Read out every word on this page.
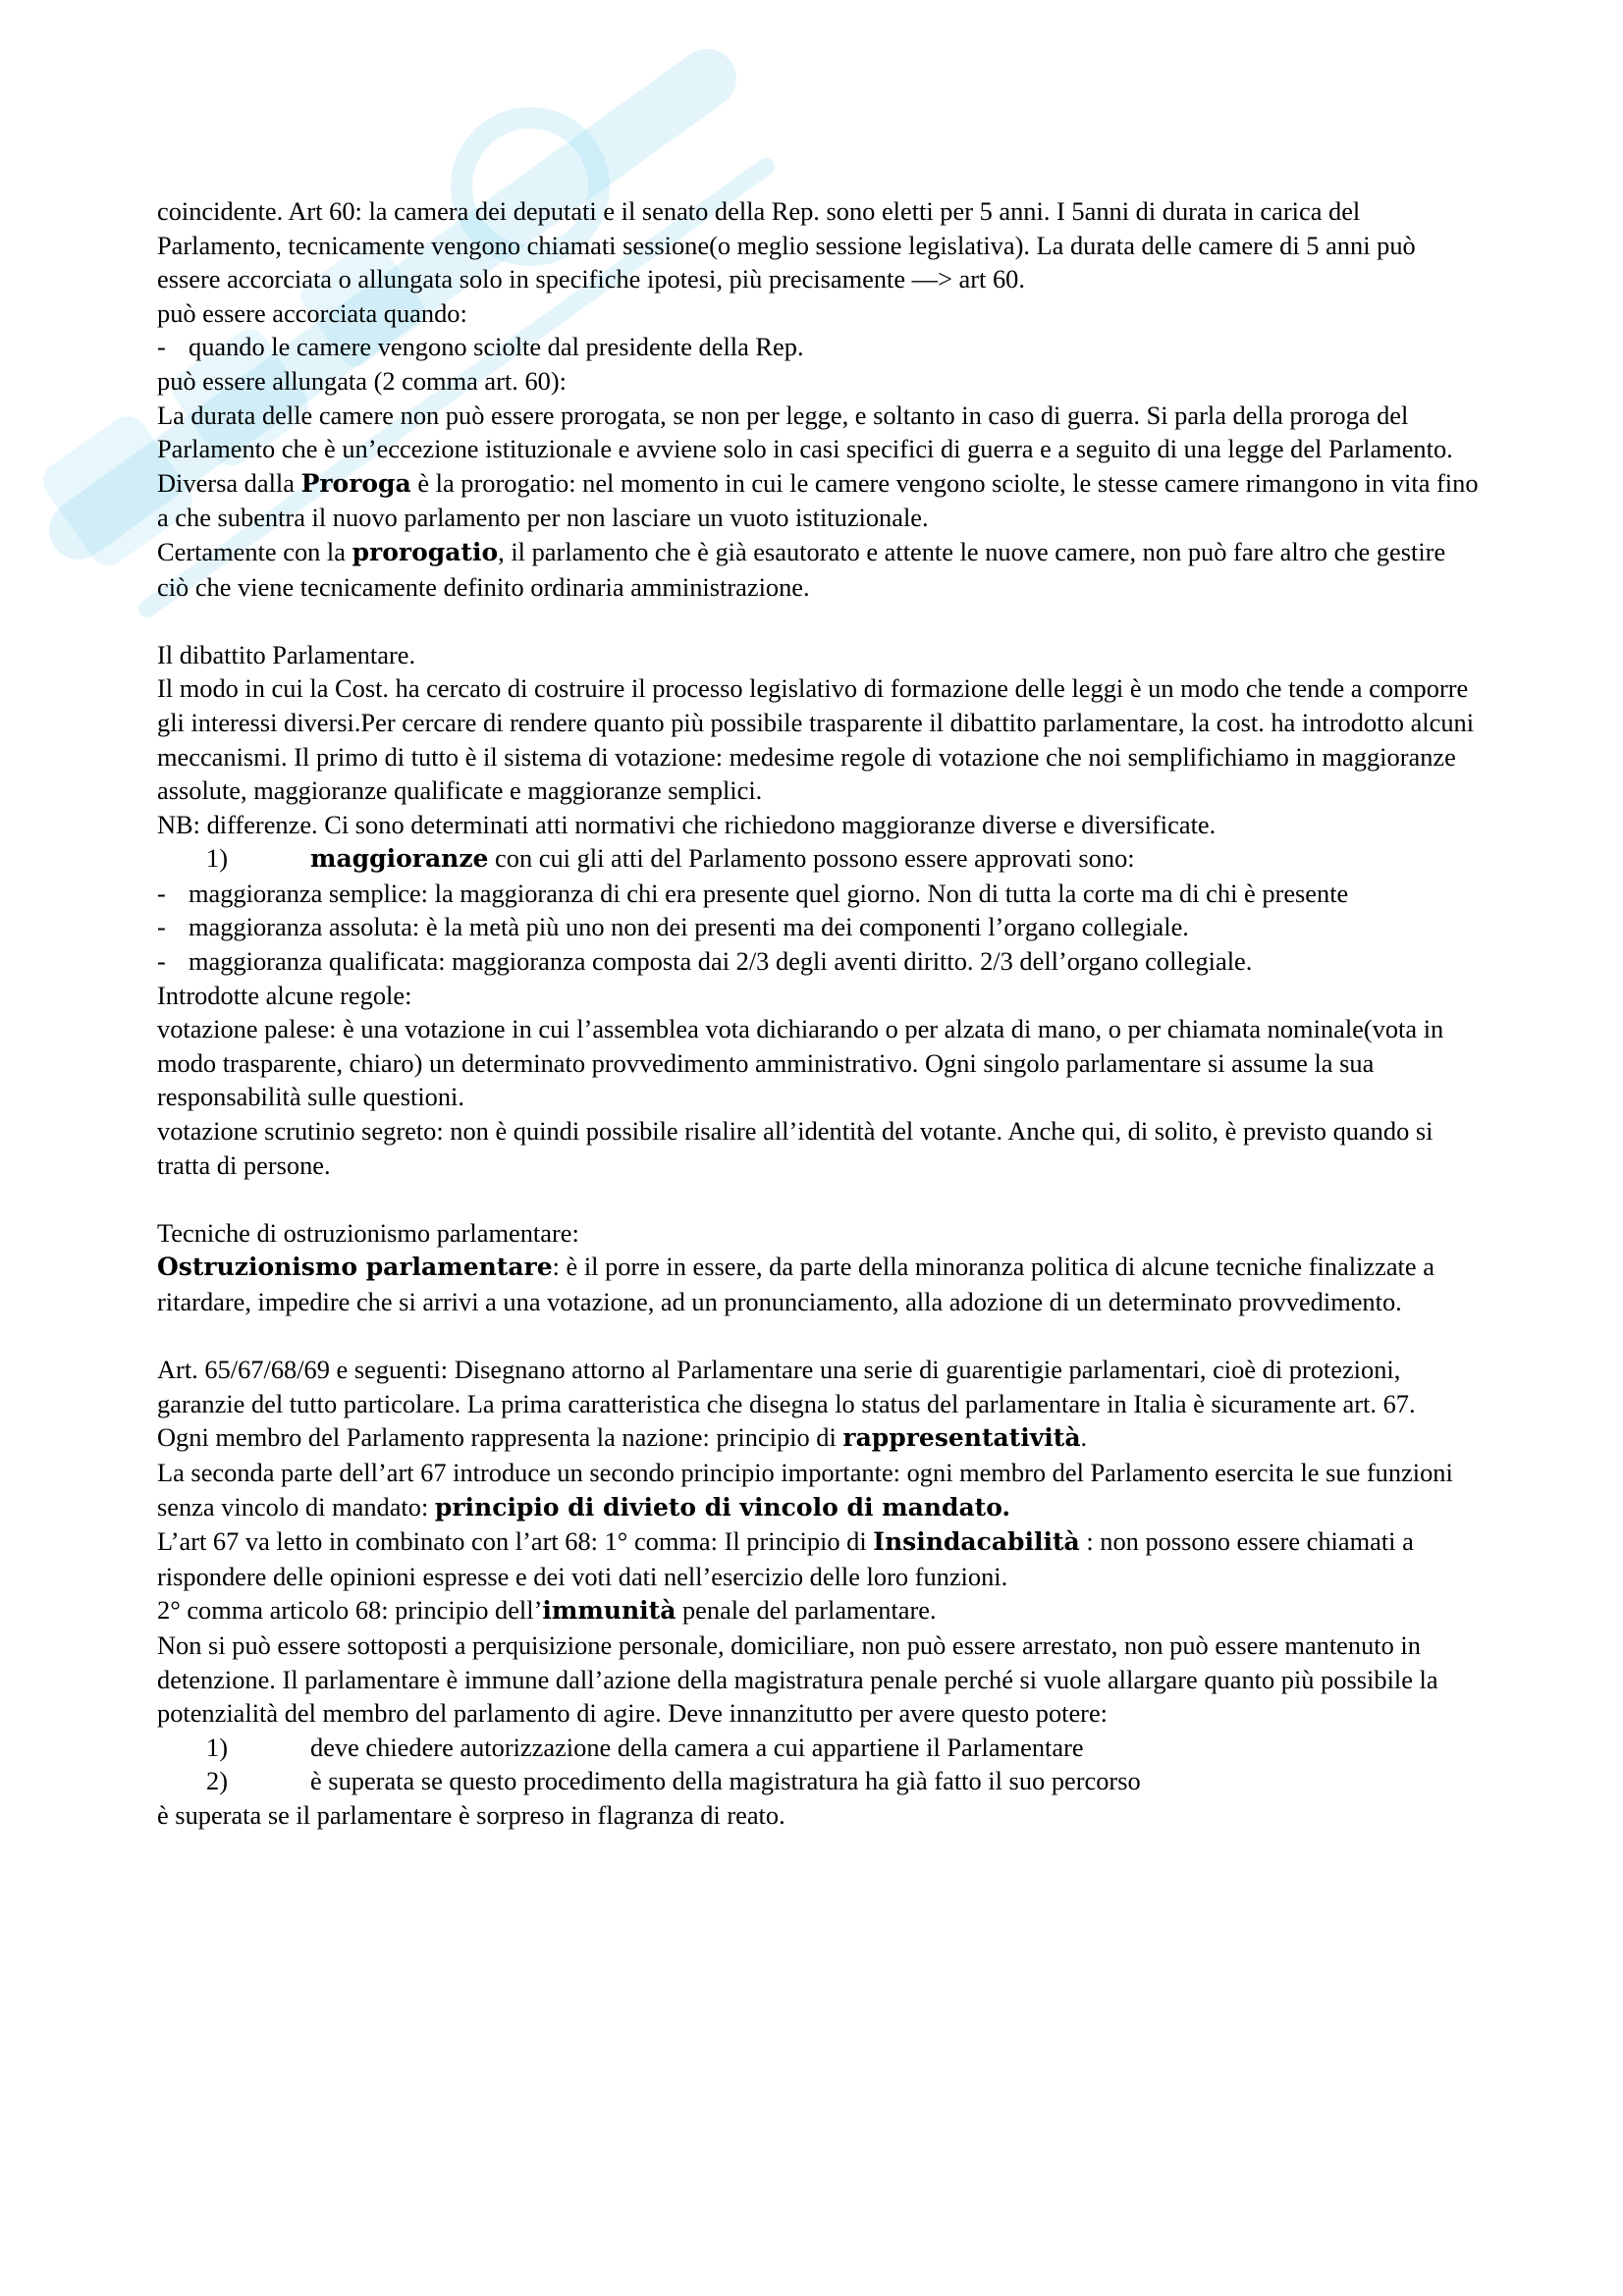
coincidente. Art 60: la camera dei deputati e il senato della Rep. sono eletti per 5 anni. I 5anni di durata in carica del Parlamento, tecnicamente vengono chiamati sessione(o meglio sessione legislativa). La durata delle camere di 5 anni può essere accorciata o allungata solo in specifiche ipotesi, più precisamente —> art 60.

può essere accorciata quando:

- quando le camere vengono sciolte dal presidente della Rep.

può essere allungata (2 comma art. 60):

La durata delle camere non può essere prorogata, se non per legge, e soltanto in caso di guerra. Si parla della proroga del Parlamento che è un’eccezione istituzionale e avviene solo in casi specifici di guerra e a seguito di una legge del Parlamento.

Diversa dalla Proroga è la prorogatio: nel momento in cui le camere vengono sciolte, le stesse camere rimangono in vita fino a che subentra il nuovo parlamento per non lasciare un vuoto istituzionale.

Certamente con la prorogatio, il parlamento che è già esautorato e attente le nuove camere, non può fare altro che gestire ciò che viene tecnicamente definito ordinaria amministrazione.

Il dibattito Parlamentare.

Il modo in cui la Cost. ha cercato di costruire il processo legislativo di formazione delle leggi è un modo che tende a comporre gli interessi diversi.Per cercare di rendere quanto più possibile trasparente il dibattito parlamentare, la cost. ha introdotto alcuni meccanismi. Il primo di tutto è il sistema di votazione: medesime regole di votazione che noi semplifichiamo in maggioranze assolute, maggioranze qualificate e maggioranze semplici.

NB: differenze. Ci sono determinati atti normativi che richiedono maggioranze diverse e diversificate.

1)	maggioranze con cui gli atti del Parlamento possono essere approvati sono:

- maggioranza semplice: la maggioranza di chi era presente quel giorno. Non di tutta la corte ma di chi è presente

- maggioranza assoluta: è la metà più uno non dei presenti ma dei componenti l’organo collegiale.

- maggioranza qualificata: maggioranza composta dai 2/3 degli aventi diritto. 2/3 dell’organo collegiale.

Introdotte alcune regole:

votazione palese: è una votazione in cui l’assemblea vota dichiarando o per alzata di mano, o per chiamata nominale(vota in modo trasparente, chiaro) un determinato provvedimento amministrativo. Ogni singolo parlamentare si assume la sua responsabilità sulle questioni.

votazione scrutinio segreto: non è quindi possibile risalire all’identità del votante. Anche qui, di solito, è previsto quando si tratta di persone.

Tecniche di ostruzionismo parlamentare:

Ostruzionismo parlamentare: è il porre in essere, da parte della minoranza politica di alcune tecniche finalizzate a ritardare, impedire che si arrivi a una votazione, ad un pronunciamento, alla adozione di un determinato provvedimento.

Art. 65/67/68/69 e seguenti: Disegnano attorno al Parlamentare una serie di guarentigie parlamentari, cioè di protezioni, garanzie del tutto particolare. La prima caratteristica che disegna lo status del parlamentare in Italia è sicuramente art. 67.

Ogni membro del Parlamento rappresenta la nazione: principio di rappresentatività.

La seconda parte dell’art 67 introduce un secondo principio importante: ogni membro del Parlamento esercita le sue funzioni senza vincolo di mandato: principio di divieto di vincolo di mandato.

L’art 67 va letto in combinato con l’art 68: 1° comma: Il principio di Insindacabilità : non possono essere chiamati a rispondere delle opinioni espresse e dei voti dati nell’esercizio delle loro funzioni.

2° comma articolo 68: principio dell’immunità penale del parlamentare.

Non si può essere sottoposti a perquisizione personale, domiciliare, non può essere arrestato, non può essere mantenuto in detenzione. Il parlamentare è immune dall’azione della magistratura penale perché si vuole allargare quanto più possibile la potenzialità del membro del parlamento di agire. Deve innanzitutto per avere questo potere:

1)	deve chiedere autorizzazione della camera a cui appartiene il Parlamentare

2)	è superata se questo procedimento della magistratura ha già fatto il suo percorso

è superata se il parlamentare è sorpreso in flagranza di reato.
